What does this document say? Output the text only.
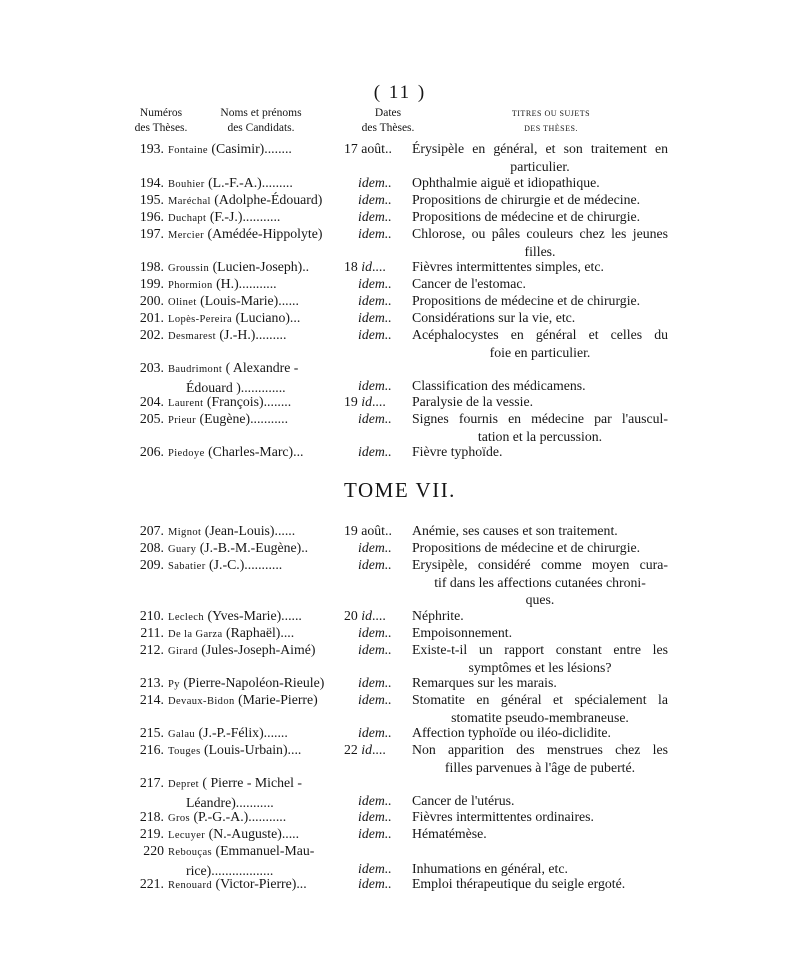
( 11 )
Numéros
des Thèses.
Noms et prénoms
des Candidats.
Dates
des Thèses.
TITRES OU SUJETS
DES THÈSES.
193. Fontaine (Casimir)........	17 août..	Érysipèle en général, et son traitement en
particulier.
194. Bouhier (L.-F.-A.).........	idem..	Ophthalmie aiguë et idiopathique.
195. Maréchal (Adolphe-Édouard)	idem..	Propositions de chirurgie et de médecine.
196. Duchapt (F.-J.)...........	idem..	Propositions de médecine et de chirurgie.
197. Mercier (Amédée-Hippolyte)	idem..	Chlorose, ou pâles couleurs chez les jeunes
filles.
198. Groussin (Lucien-Joseph)..	18 id....	Fièvres intermittentes simples, etc.
199. Phormion (H.)...........	idem..	Cancer de l'estomac.
200. Olinet (Louis-Marie)......	idem..	Propositions de médecine et de chirurgie.
201. Lopès-Pereira (Luciano)...	idem..	Considérations sur la vie, etc.
202. Desmarest (J.-H.).........	idem..	Acéphalocystes en général et celles du
foie en particulier.
203. Baudrimont ( Alexandre -
Édouard ).............	idem..	Classification des médicamens.
204. Laurent (François)........	19 id....	Paralysie de la vessie.
205. Prieur (Eugène)...........	idem..	Signes fournis en médecine par l'auscul-
tation et la percussion.
206. Piedoye (Charles-Marc)...	idem..	Fièvre typhoïde.
TOME VII.
207. Mignot (Jean-Louis)......	19 août..	Anémie, ses causes et son traitement.
208. Guary (J.-B.-M.-Eugène)..	idem..	Propositions de médecine et de chirurgie.
209. Sabatier (J.-C.)...........	idem..	Erysipèle, considéré comme moyen cura-
tif dans les affections cutanées chroni-
ques.
210. Leclech (Yves-Marie)......	20 id....	Néphrite.
211. De la Garza (Raphaël)....	idem..	Empoisonnement.
212. Girard (Jules-Joseph-Aimé)	idem..	Existe-t-il un rapport constant entre les
symptômes et les lésions?
213. Py (Pierre-Napoléon-Rieule)	idem..	Remarques sur les marais.
214. Devaux-Bidon (Marie-Pierre)	idem..	Stomatite en général et spécialement la
stomatite pseudo-membraneuse.
215. Galau (J.-P.-Félix).......	idem..	Affection typhoïde ou iléo-diclidite.
216. Touges (Louis-Urbain)....	22 id....	Non apparition des menstrues chez les
filles parvenues à l'âge de puberté.
217. Depret ( Pierre - Michel -
Léandre)...........	idem..	Cancer de l'utérus.
218. Gros (P.-G.-A.)...........	idem..	Fièvres intermittentes ordinaires.
219. Lecuyer (N.-Auguste).....	idem..	Hématémèse.
220 Rebouças (Emmanuel-Mau-
rice)..................	idem..	Inhumations en général, etc.
221. Renouard (Victor-Pierre)...	idem..	Emploi thérapeutique du seigle ergoté.
